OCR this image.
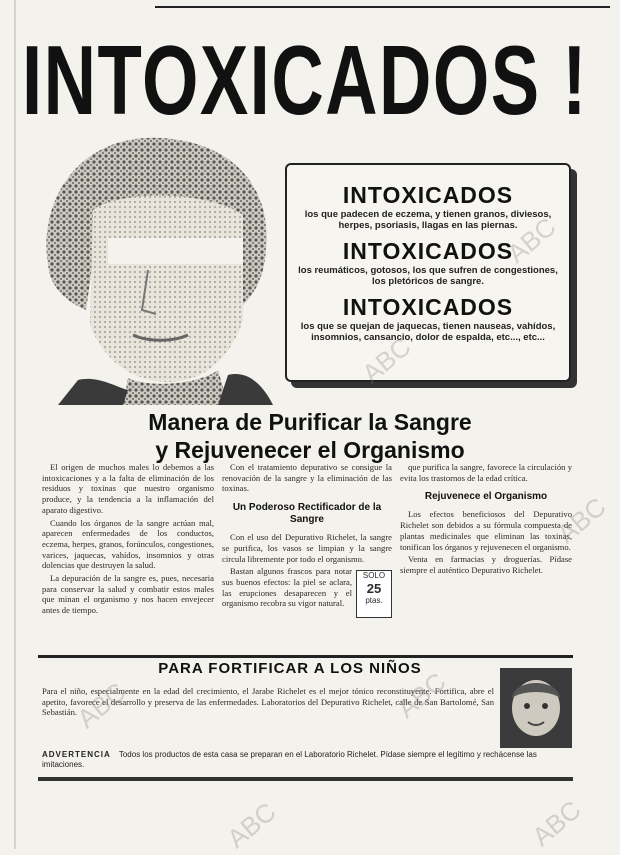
INTOXICADOS !
INTOXICADOS
los que padecen de eczema, y tienen granos, diviesos, herpes, psoriasis, llagas en las piernas.
INTOXICADOS
los reumáticos, gotosos, los que sufren de congestiones, los pletóricos de sangre.
INTOXICADOS
los que se quejan de jaquecas, tienen nauseas, vahídos, insomnios, cansancio, dolor de espalda, etc..., etc...
Manera de Purificar la Sangre
y Rejuvenecer el Organismo

El origen de muchos males lo debemos a las intoxicaciones y a la falta de eliminación de los residuos y toxinas que nuestro organismo produce, y la tendencia a la inflamación del aparato digestivo.

Cuando los órganos de la sangre actúan mal, aparecen enfermedades de los conductos, eczema, herpes, granos, forúnculos, congestiones, varices, jaquecas, vahídos, insomnios y otras dolencias que destruyen la salud.

La depuración de la sangre es, pues, necesaria para conservar la salud y combatir estos males que minan el organismo y nos hacen envejecer antes de tiempo.

Con el tratamiento depurativo se consigue la renovación de la sangre y la eliminación de las toxinas.

Un Poderoso Rectificador de la Sangre

Con el uso del Depurativo Richelet, la sangre se purifica, los vasos se limpian y la sangre circula libremente por todo el organismo.

SOLO
25
ptas.

Bastan algunos frascos para notar sus buenos efectos: la piel se aclara, las erupciones desaparecen y el organismo recobra su vigor natural.

que purifica la sangre, favorece la circulación y evita los trastornos de la edad crítica.

Rejuvenece el Organismo

Los efectos beneficiosos del Depurativo Richelet son debidos a su fórmula compuesta de plantas medicinales que eliminan las toxinas, tonifican los órganos y rejuvenecen el organismo.

Venta en farmacias y droguerías. Pídase siempre el auténtico Depurativo Richelet.

PARA FORTIFICAR A LOS NIÑOS
Para el niño, especialmente en la edad del crecimiento, el Jarabe Richelet es el mejor tónico reconstituyente. Fortifica, abre el apetito, favorece el desarrollo y preserva de las enfermedades. Laboratorios del Depurativo Richelet, calle de San Bartolomé, San Sebastián.
ADVERTENCIA Todos los productos de esta casa se preparan en el Laboratorio Richelet. Pídase siempre el legítimo y rechácense las imitaciones.
ABC
ABC
ABC
ABC	ABC
ABC	ABC
